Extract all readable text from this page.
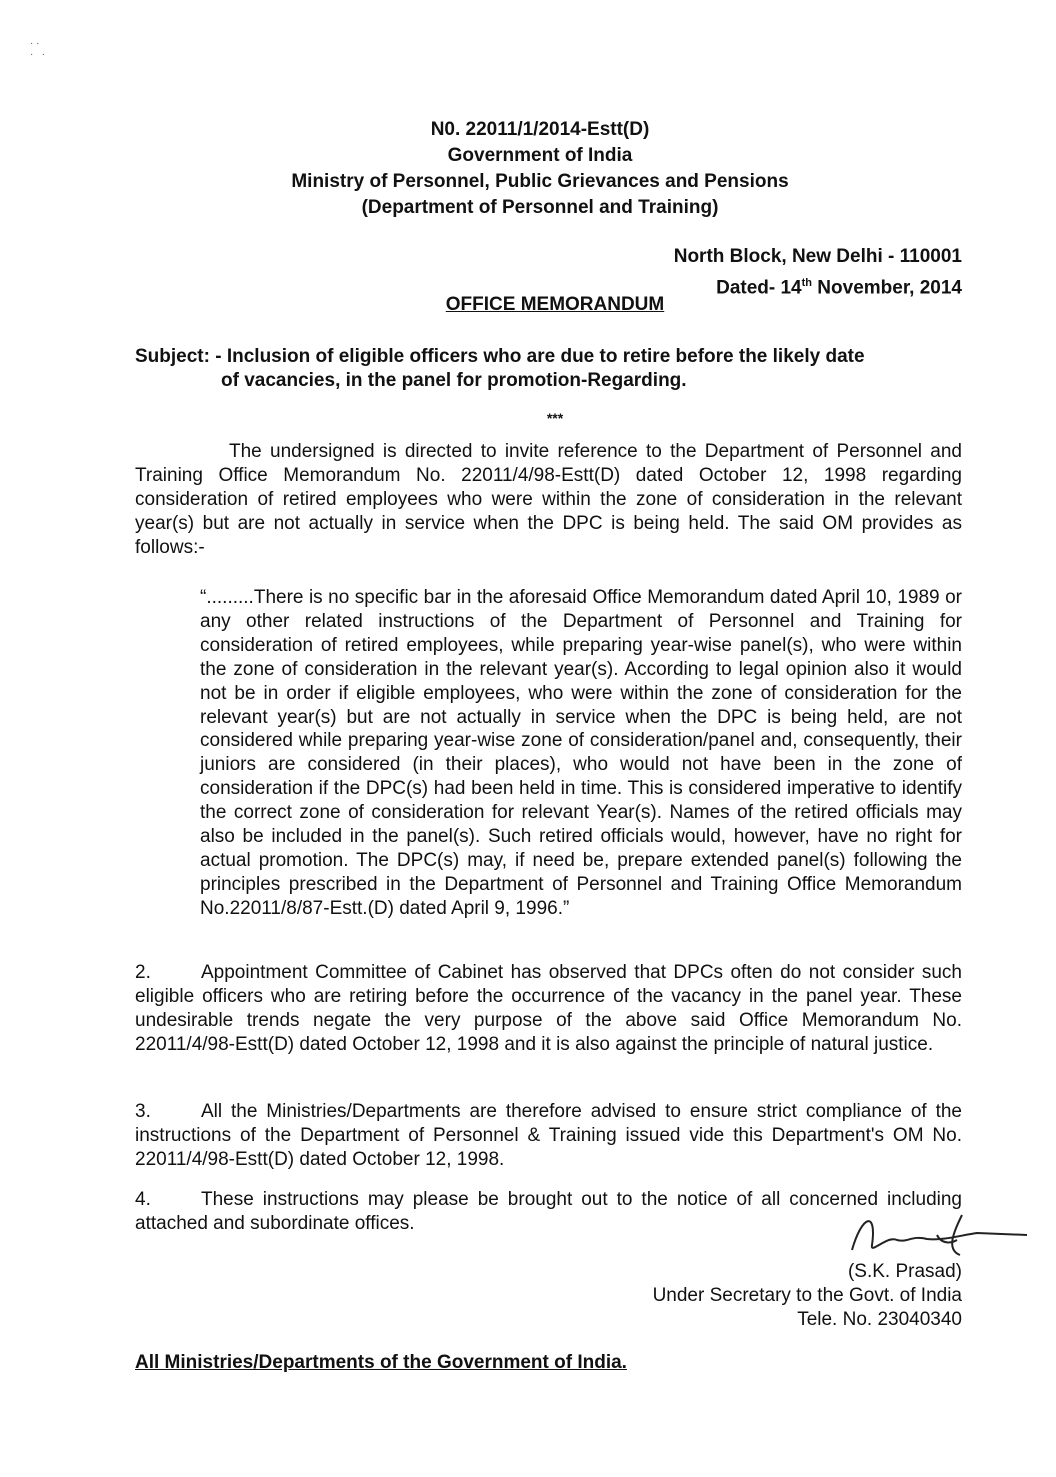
· ·
·   ·
N0. 22011/1/2014-Estt(D)
Government of India
Ministry of Personnel, Public Grievances and Pensions
(Department of Personnel and Training)
North Block, New Delhi - 110001
Dated- 14th November, 2014
OFFICE MEMORANDUM
Subject: - Inclusion of eligible officers who are due to retire before the likely date
of vacancies, in the panel for promotion-Regarding.
***
The undersigned is directed to invite reference to the Department of Personnel and Training Office Memorandum No. 22011/4/98-Estt(D) dated October 12, 1998 regarding consideration of retired employees who were within the zone of consideration in the relevant year(s) but are not actually in service when the DPC is being held. The said OM provides as follows:-
“.........There is no specific bar in the aforesaid Office Memorandum dated April 10, 1989 or any other related instructions of the Department of Personnel and Training for consideration of retired employees, while preparing year-wise panel(s), who were within the zone of consideration in the relevant year(s). According to legal opinion also it would not be in order if eligible employees, who were within the zone of consideration for the relevant year(s) but are not actually in service when the DPC is being held, are not considered while preparing year-wise zone of consideration/panel and, consequently, their juniors are considered (in their places), who would not have been in the zone of consideration if the DPC(s) had been held in time. This is considered imperative to identify the correct zone of consideration for relevant Year(s). Names of the retired officials may also be included in the panel(s). Such retired officials would, however, have no right for actual promotion. The DPC(s) may, if need be, prepare extended panel(s) following the principles prescribed in the Department of Personnel and Training Office Memorandum No.22011/8/87-Estt.(D) dated April 9, 1996.”
2.	Appointment Committee of Cabinet has observed that DPCs often do not consider such eligible officers who are retiring before the occurrence of the vacancy in the panel year. These undesirable trends negate the very purpose of the above said Office Memorandum No. 22011/4/98-Estt(D) dated October 12, 1998 and it is also against the principle of natural justice.
3.	All the Ministries/Departments are therefore advised to ensure strict compliance of the instructions of the Department of Personnel & Training issued vide this Department's OM No. 22011/4/98-Estt(D) dated October 12, 1998.
4.	These instructions may please be brought out to the notice of all concerned including attached and subordinate offices.
(S.K. Prasad)
Under Secretary to the Govt. of India
Tele. No. 23040340
All Ministries/Departments of the Government of India.
